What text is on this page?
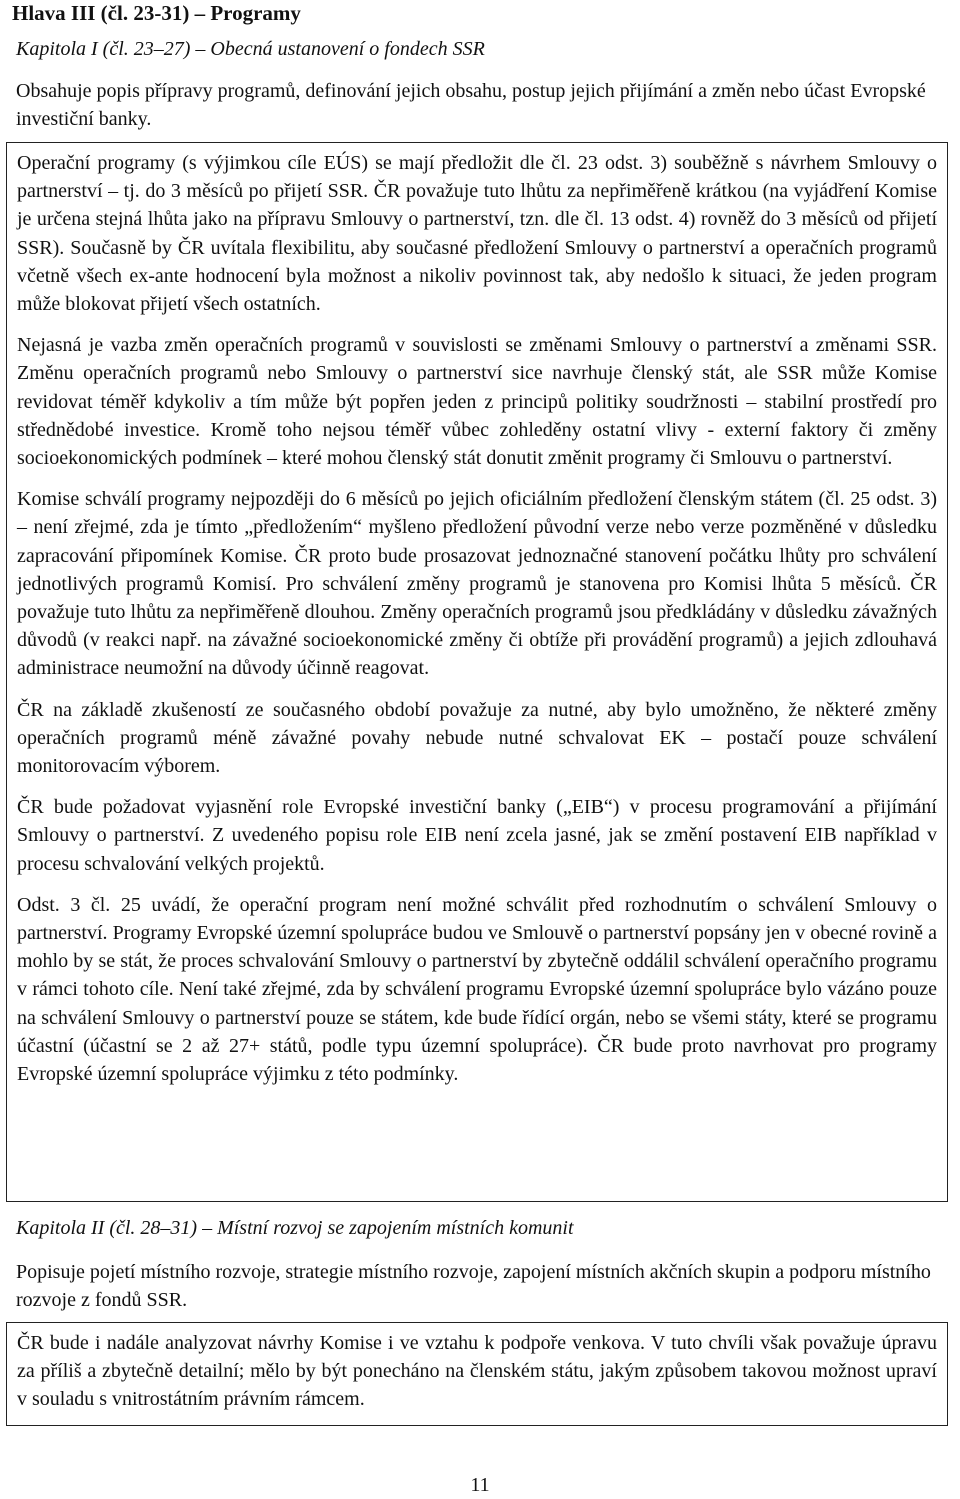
Hlava III (čl. 23-31) – Programy
Kapitola I (čl. 23–27) – Obecná ustanovení o fondech SSR
Obsahuje popis přípravy programů, definování jejich obsahu, postup jejich přijímání a změn nebo účast Evropské investiční banky.

Operační programy (s výjimkou cíle EÚS) se mají předložit dle čl. 23 odst. 3) souběžně s návrhem Smlouvy o partnerství – tj. do 3 měsíců po přijetí SSR. ČR považuje tuto lhůtu za nepřiměřeně krátkou (na vyjádření Komise je určena stejná lhůta jako na přípravu Smlouvy o partnerství, tzn. dle čl. 13 odst. 4) rovněž do 3 měsíců od přijetí SSR). Současně by ČR uvítala flexibilitu, aby současné předložení Smlouvy o partnerství a operačních programů včetně všech ex-ante hodnocení byla možnost a nikoliv povinnost tak, aby nedošlo k situaci, že jeden program může blokovat přijetí všech ostatních.

Nejasná je vazba změn operačních programů v souvislosti se změnami Smlouvy o partnerství a změnami SSR. Změnu operačních programů nebo Smlouvy o partnerství sice navrhuje členský stát, ale SSR může Komise revidovat téměř kdykoliv a tím může být popřen jeden z principů politiky soudržnosti – stabilní prostředí pro střednědobé investice. Kromě toho nejsou téměř vůbec zohleděny ostatní vlivy - externí faktory či změny socioekonomických podmínek – které mohou členský stát donutit změnit programy či Smlouvu o partnerství.

Komise schválí programy nejpozději do 6 měsíců po jejich oficiálním předložení členským státem (čl. 25 odst. 3) – není zřejmé, zda je tímto „předložením“ myšleno předložení původní verze nebo verze pozměněné v důsledku zapracování připomínek Komise. ČR proto bude prosazovat jednoznačné stanovení počátku lhůty pro schválení jednotlivých programů Komisí. Pro schválení změny programů je stanovena pro Komisi lhůta 5 měsíců. ČR považuje tuto lhůtu za nepřiměřeně dlouhou. Změny operačních programů jsou předkládány v důsledku závažných důvodů (v reakci např. na závažné socioekonomické změny či obtíže při provádění programů) a jejich zdlouhavá administrace neumožní na důvody účinně reagovat.

ČR na základě zkušeností ze současného období považuje za nutné, aby bylo umožněno, že některé změny operačních programů méně závažné povahy nebude nutné schvalovat EK – postačí pouze schválení monitorovacím výborem.

ČR bude požadovat vyjasnění role Evropské investiční banky („EIB“) v procesu programování a přijímání Smlouvy o partnerství. Z uvedeného popisu role EIB není zcela jasné, jak se změní postavení EIB například v procesu schvalování velkých projektů.

Odst. 3 čl. 25 uvádí, že operační program není možné schválit před rozhodnutím o schválení Smlouvy o partnerství. Programy Evropské územní spolupráce budou ve Smlouvě o partnerství popsány jen v obecné rovině a mohlo by se stát, že proces schvalování Smlouvy o partnerství by zbytečně oddálil schválení operačního programu v rámci tohoto cíle. Není také zřejmé, zda by schválení programu Evropské územní spolupráce bylo vázáno pouze na schválení Smlouvy o partnerství pouze se státem, kde bude řídící orgán, nebo se všemi státy, které se programu účastní (účastní se 2 až 27+ států, podle typu územní spolupráce). ČR bude proto navrhovat pro programy Evropské územní spolupráce výjimku z této podmínky.

Kapitola II (čl. 28–31) – Místní rozvoj se zapojením místních komunit
Popisuje pojetí místního rozvoje, strategie místního rozvoje, zapojení místních akčních skupin a podporu místního rozvoje z fondů SSR.

ČR bude i nadále analyzovat návrhy Komise i ve vztahu k podpoře venkova. V tuto chvíli však považuje úpravu za příliš a zbytečně detailní; mělo by být ponecháno na členském státu, jakým způsobem takovou možnost upraví v souladu s vnitrostátním právním rámcem.

11
